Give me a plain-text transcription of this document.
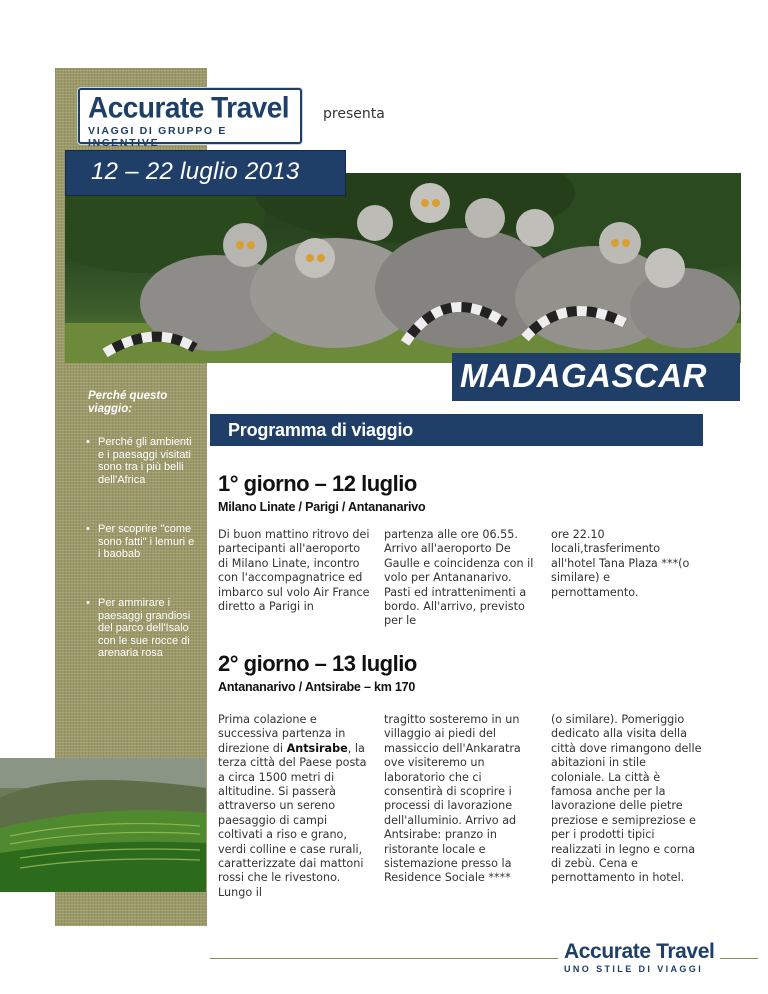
Accurate Travel
VIAGGI DI GRUPPO E INCENTIVE
presenta
12 – 22 luglio 2013
MADAGASCAR
Perché questo viaggio:
• Perché gli ambienti e i paesaggi visitati sono tra i più belli dell'Africa
• Per scoprire "come sono fatti" i lemuri e i baobab
• Per ammirare i paesaggi grandiosi del parco dell'Isalo con le sue rocce di arenaria rosa
Programma di viaggio
1° giorno – 12 luglio
Milano Linate / Parigi / Antananarivo
Di buon mattino ritrovo dei partecipanti all'aeroporto di Milano Linate, incontro con l'accompagnatrice ed imbarco sul volo Air France diretto a Parigi in
partenza alle ore 06.55. Arrivo all'aeroporto De Gaulle e coincidenza con il volo per Antananarivo. Pasti ed intrattenimenti a bordo. All'arrivo, previsto per le
ore 22.10 locali,trasferimento all'hotel Tana Plaza ***(o similare) e pernottamento.
2° giorno – 13 luglio
Antananarivo / Antsirabe – km 170
Prima colazione e successiva partenza in direzione di Antsirabe, la terza città del Paese posta a circa 1500 metri di altitudine. Si passerà attraverso un sereno paesaggio di campi coltivati a riso e grano, verdi colline e case rurali, caratterizzate dai mattoni rossi che le rivestono. Lungo il
tragitto sosteremo in un villaggio ai piedi del massiccio dell'Ankaratra ove visiteremo un laboratorio che ci consentirà di scoprire i processi di lavorazione dell'alluminio. Arrivo ad Antsirabe: pranzo in ristorante locale e sistemazione presso la Residence Sociale ****
(o similare). Pomeriggio dedicato alla visita della città dove rimangono delle abitazioni in stile coloniale. La città è famosa anche per la lavorazione delle pietre preziose e semipreziose e per i prodotti tipici realizzati in legno e corna di zebù. Cena e pernottamento in hotel.
Accurate Travel
UNO STILE DI VIAGGI
